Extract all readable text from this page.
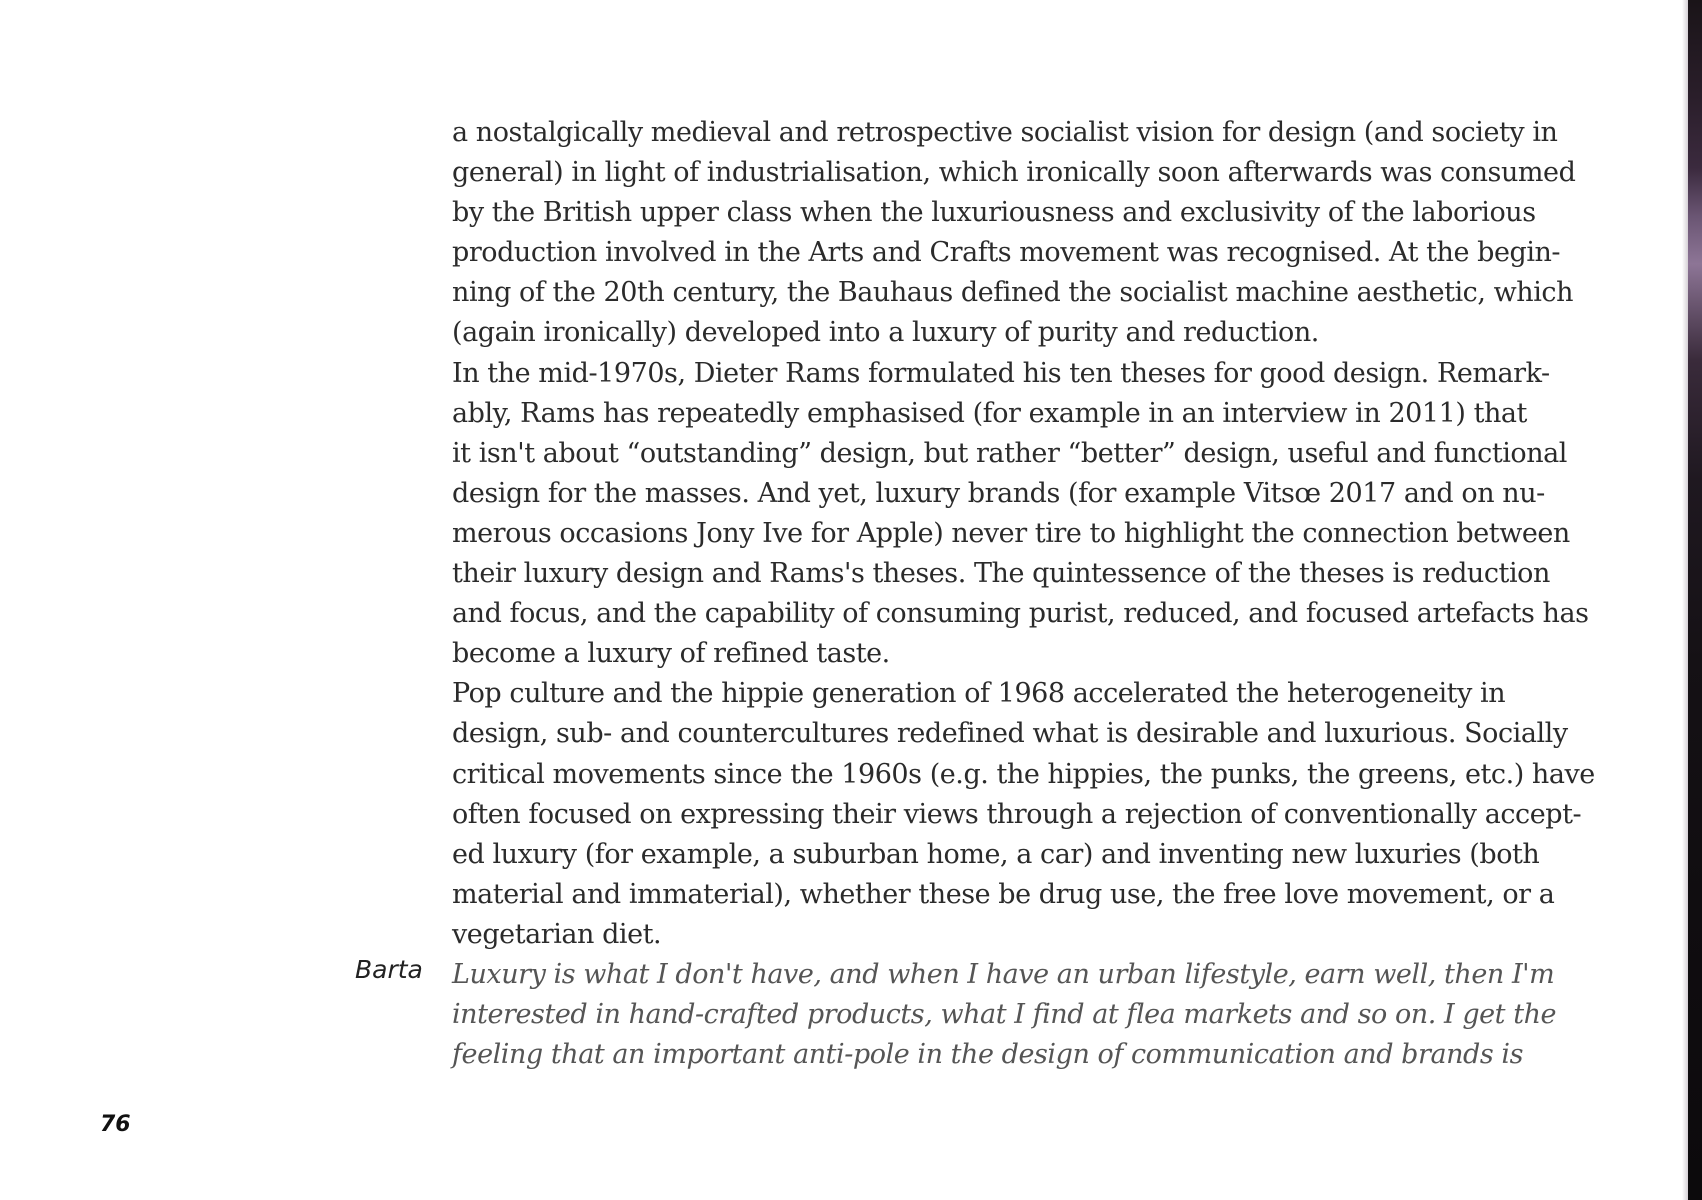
a nostalgically medieval and retrospective socialist vision for design (and society in
general) in light of industrialisation, which ironically soon afterwards was consumed
by the British upper class when the luxuriousness and exclusivity of the laborious
production involved in the Arts and Crafts movement was recognised. At the begin-
ning of the 20th century, the Bauhaus defined the socialist machine aesthetic, which
(again ironically) developed into a luxury of purity and reduction.
In the mid-1970s, Dieter Rams formulated his ten theses for good design. Remark-
ably, Rams has repeatedly emphasised (for example in an interview in 2011) that
it isn't about “outstanding” design, but rather “better” design, useful and functional
design for the masses. And yet, luxury brands (for example Vitsœ 2017 and on nu-
merous occasions Jony Ive for Apple) never tire to highlight the connection between
their luxury design and Rams's theses. The quintessence of the theses is reduction
and focus, and the capability of consuming purist, reduced, and focused artefacts has
become a luxury of refined taste.
Pop culture and the hippie generation of 1968 accelerated the heterogeneity in
design, sub- and countercultures redefined what is desirable and luxurious. Socially
critical movements since the 1960s (e.g. the hippies, the punks, the greens, etc.) have
often focused on expressing their views through a rejection of conventionally accept-
ed luxury (for example, a suburban home, a car) and inventing new luxuries (both
material and immaterial), whether these be drug use, the free love movement, or a
vegetarian diet.
Luxury is what I don't have, and when I have an urban lifestyle, earn well, then I'm
interested in hand-crafted products, what I find at flea markets and so on. I get the
feeling that an important anti-pole in the design of communication and brands is
Barta
76
